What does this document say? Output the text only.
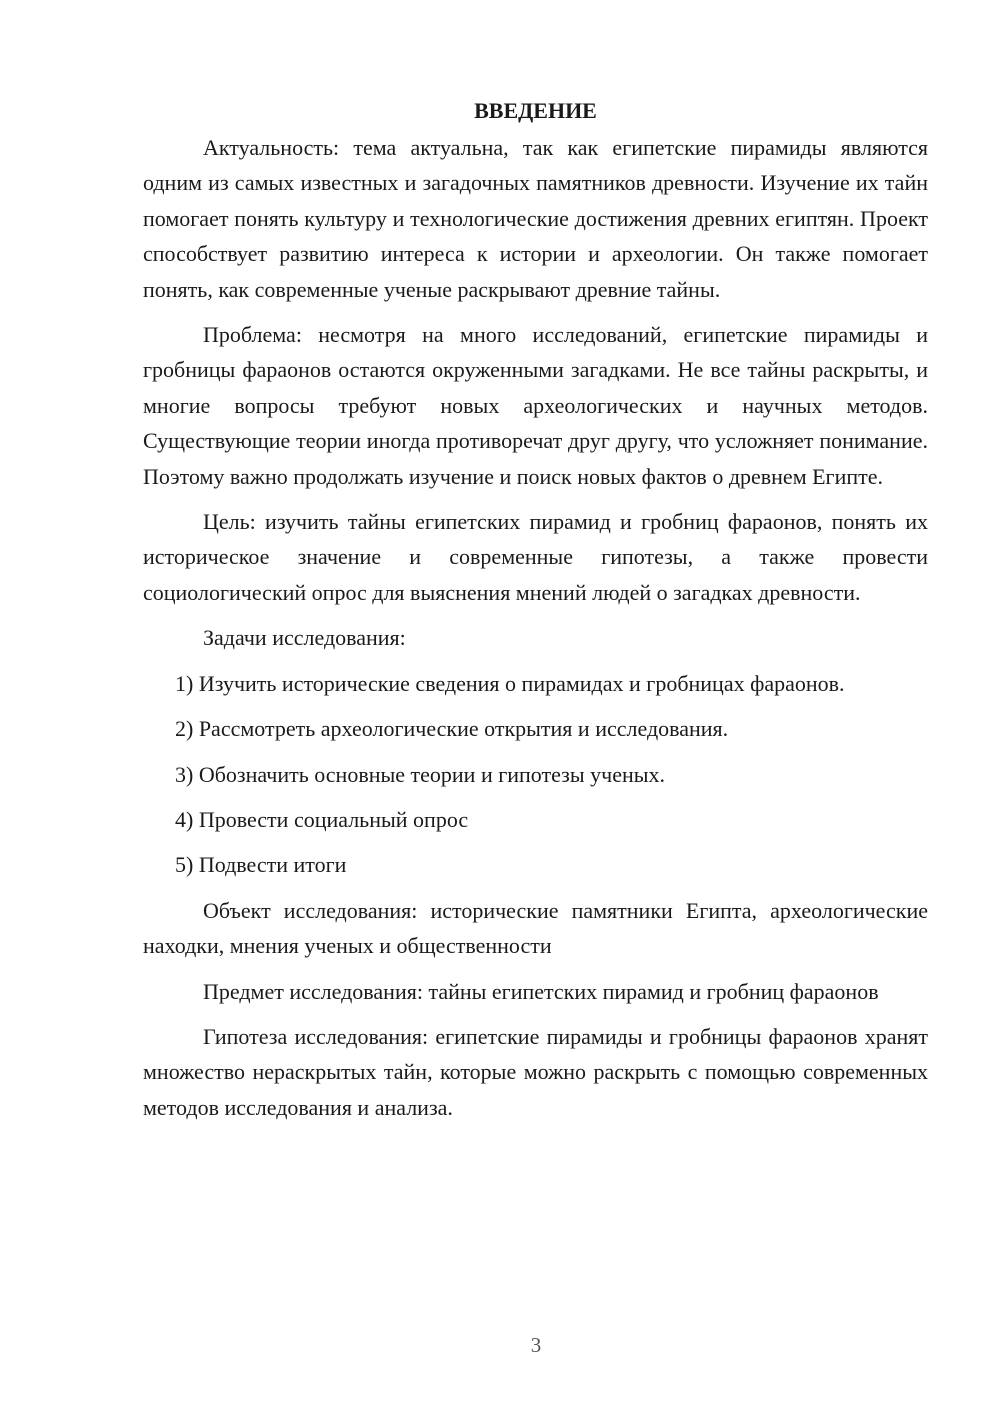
ВВЕДЕНИЕ

Актуальность: тема актуальна, так как египетские пирамиды являются одним из самых известных и загадочных памятников древности. Изучение их тайн помогает понять культуру и технологические достижения древних египтян. Проект способствует развитию интереса к истории и археологии. Он также помогает понять, как современные ученые раскрывают древние тайны.

Проблема: несмотря на много исследований, египетские пирамиды и гробницы фараонов остаются окруженными загадками. Не все тайны раскрыты, и многие вопросы требуют новых археологических и научных методов. Существующие теории иногда противоречат друг другу, что усложняет понимание. Поэтому важно продолжать изучение и поиск новых фактов о древнем Египте.

Цель: изучить тайны египетских пирамид и гробниц фараонов, понять их историческое значение и современные гипотезы, а также провести социологический опрос для выяснения мнений людей о загадках древности.

Задачи исследования:

1) Изучить исторические сведения о пирамидах и гробницах фараонов.

2) Рассмотреть археологические открытия и исследования.

3) Обозначить основные теории и гипотезы ученых.

4) Провести социальный опрос

5) Подвести итоги

Объект исследования: исторические памятники Египта, археологические находки, мнения ученых и общественности

Предмет исследования: тайны египетских пирамид и гробниц фараонов

Гипотеза исследования: египетские пирамиды и гробницы фараонов хранят множество нераскрытых тайн, которые можно раскрыть с помощью современных методов исследования и анализа.

3
